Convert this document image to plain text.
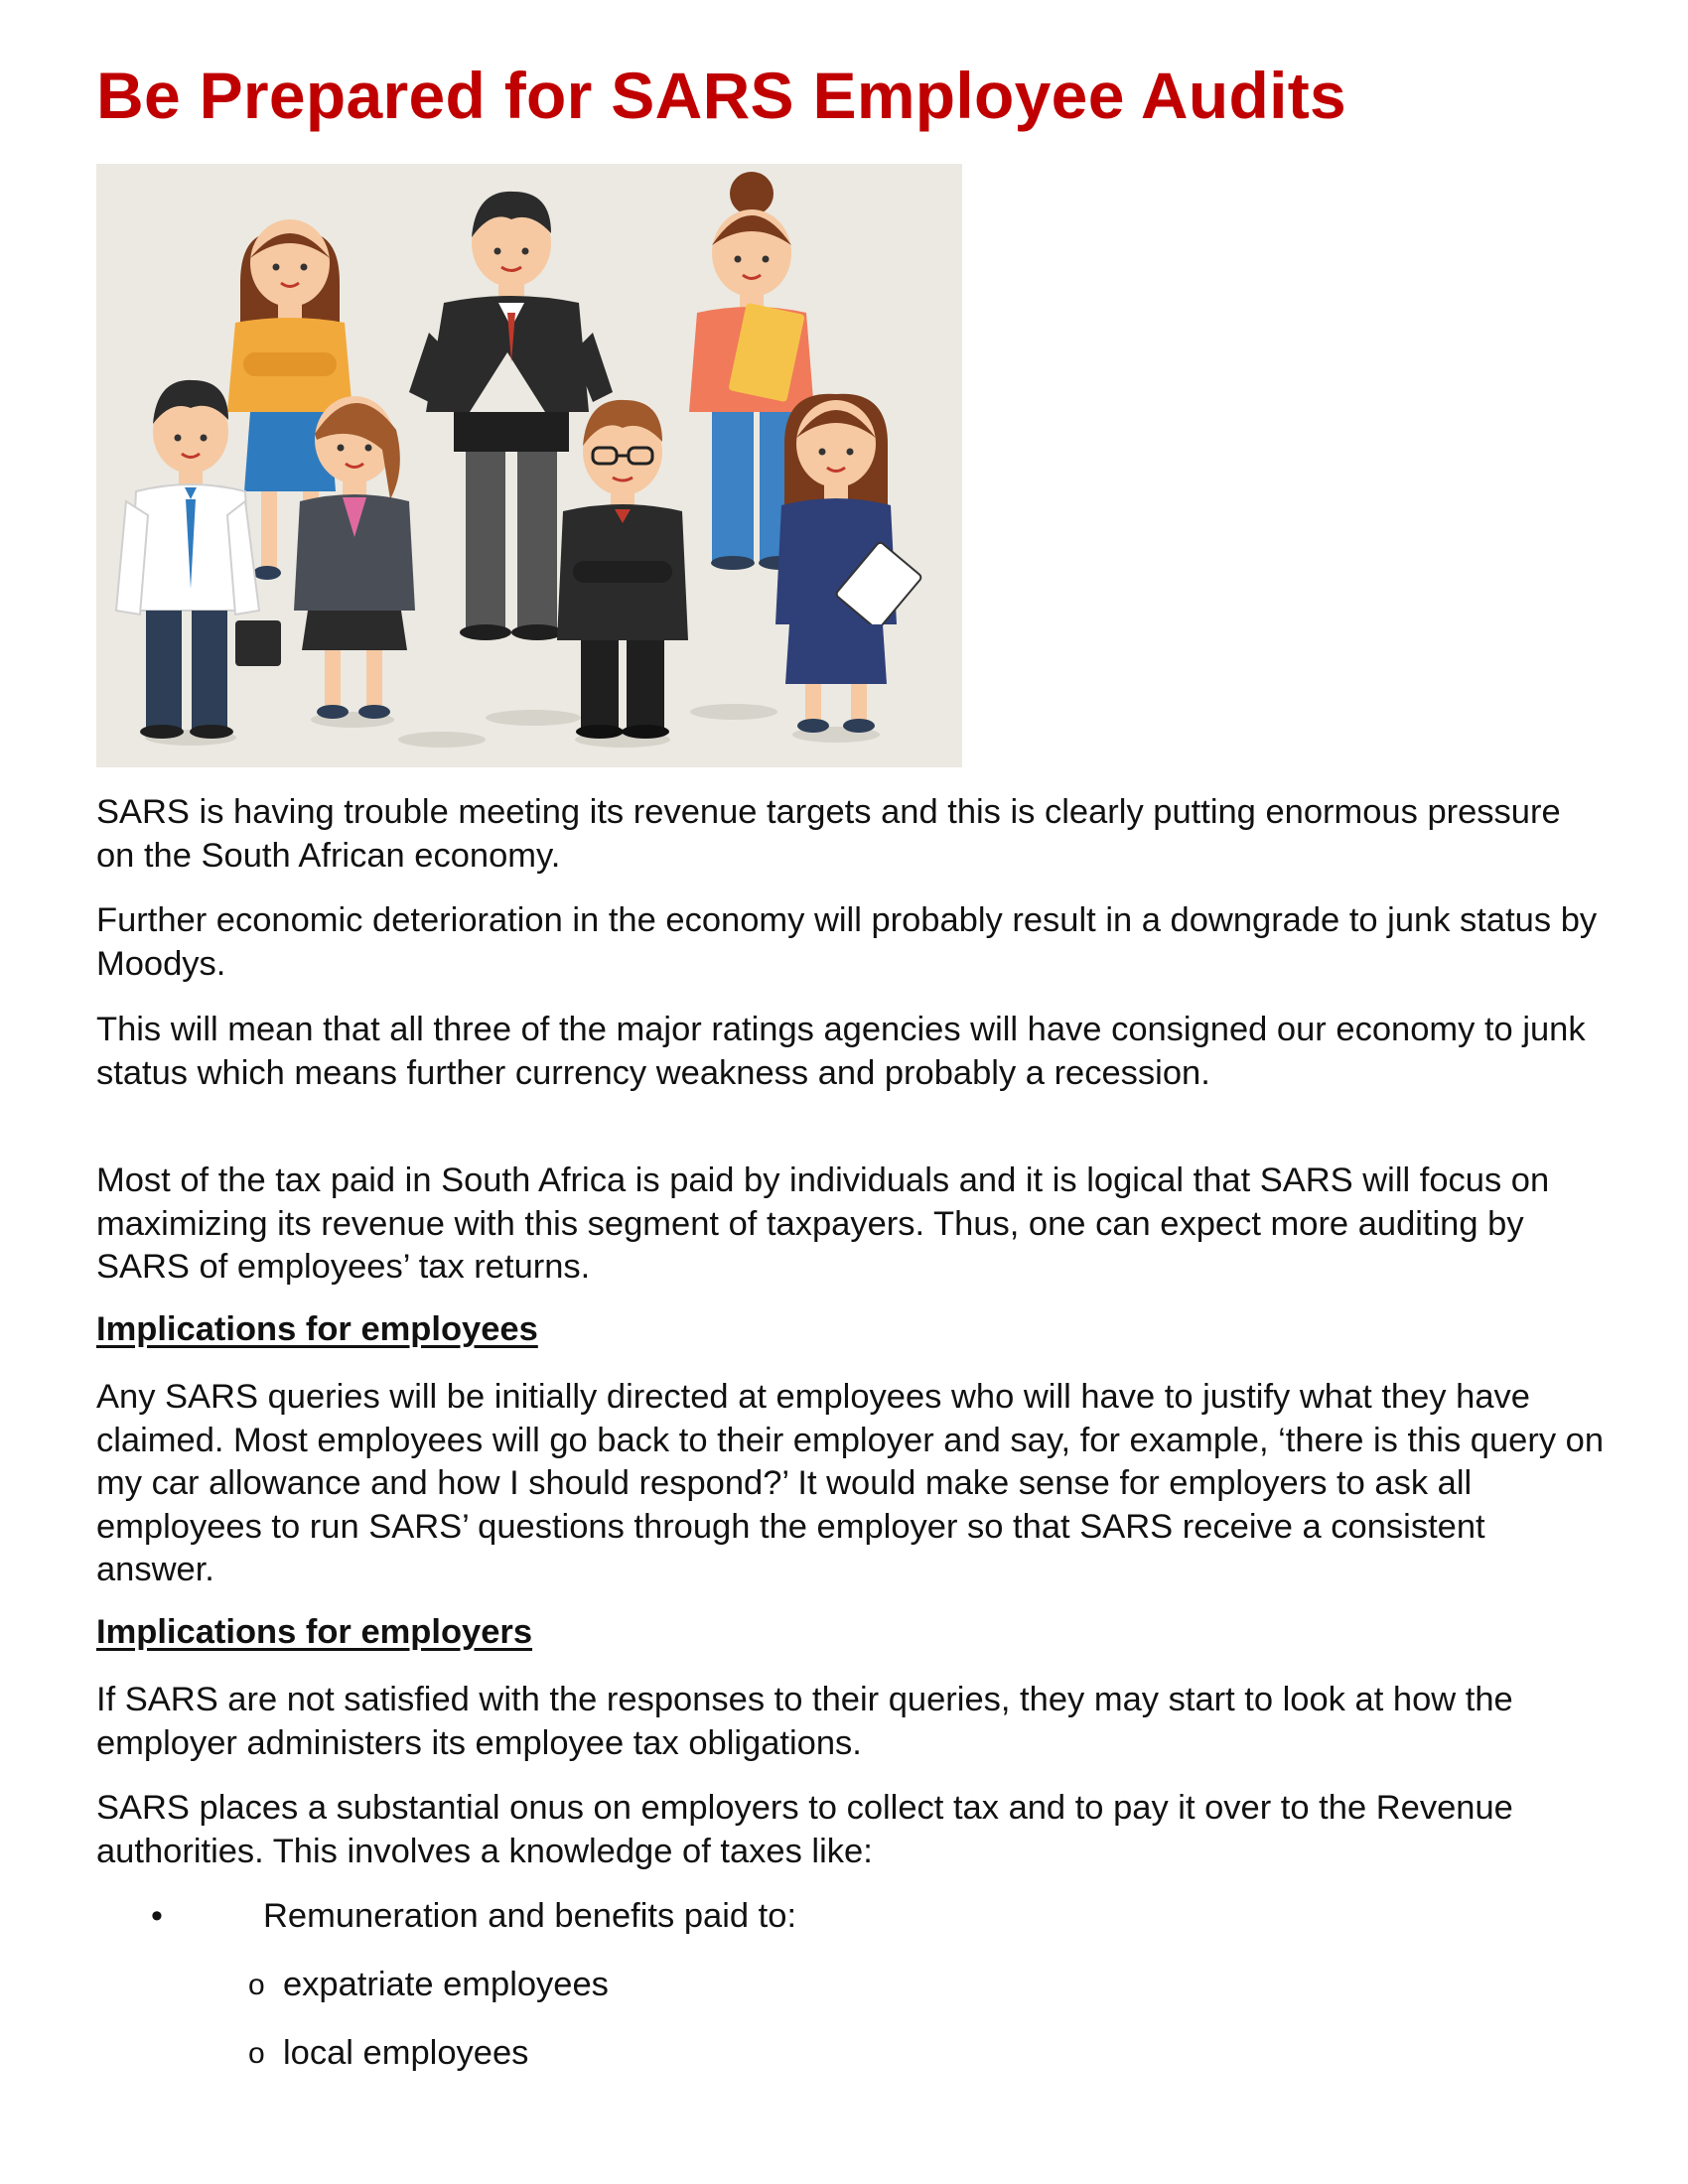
Be Prepared for SARS Employee Audits

SARS is having trouble meeting its revenue targets and this is clearly putting enormous pressure on the South African economy.

Further economic deterioration in the economy will probably result in a downgrade to junk status by Moodys.

This will mean that all three of the major ratings agencies will have consigned our economy to junk status which means further currency weakness and probably a recession.

Most of the tax paid in South Africa is paid by individuals and it is logical that SARS will focus on maximizing its revenue with this segment of taxpayers. Thus, one can expect more auditing by SARS of employees’ tax returns.

Implications for employees

Any SARS queries will be initially directed at employees who will have to justify what they have claimed. Most employees will go back to their employer and say, for example, ‘there is this query on my car allowance and how I should respond?’ It would make sense for employers to ask all employees to run SARS’ questions through the employer so that SARS receive a consistent answer.

Implications for employers

If SARS are not satisfied with the responses to their queries, they may start to look at how the employer administers its employee tax obligations.

SARS places a substantial onus on employers to collect tax and to pay it over to the Revenue authorities. This involves a knowledge of taxes like:

•	Remuneration and benefits paid to:
o expatriate employees
o local employees
